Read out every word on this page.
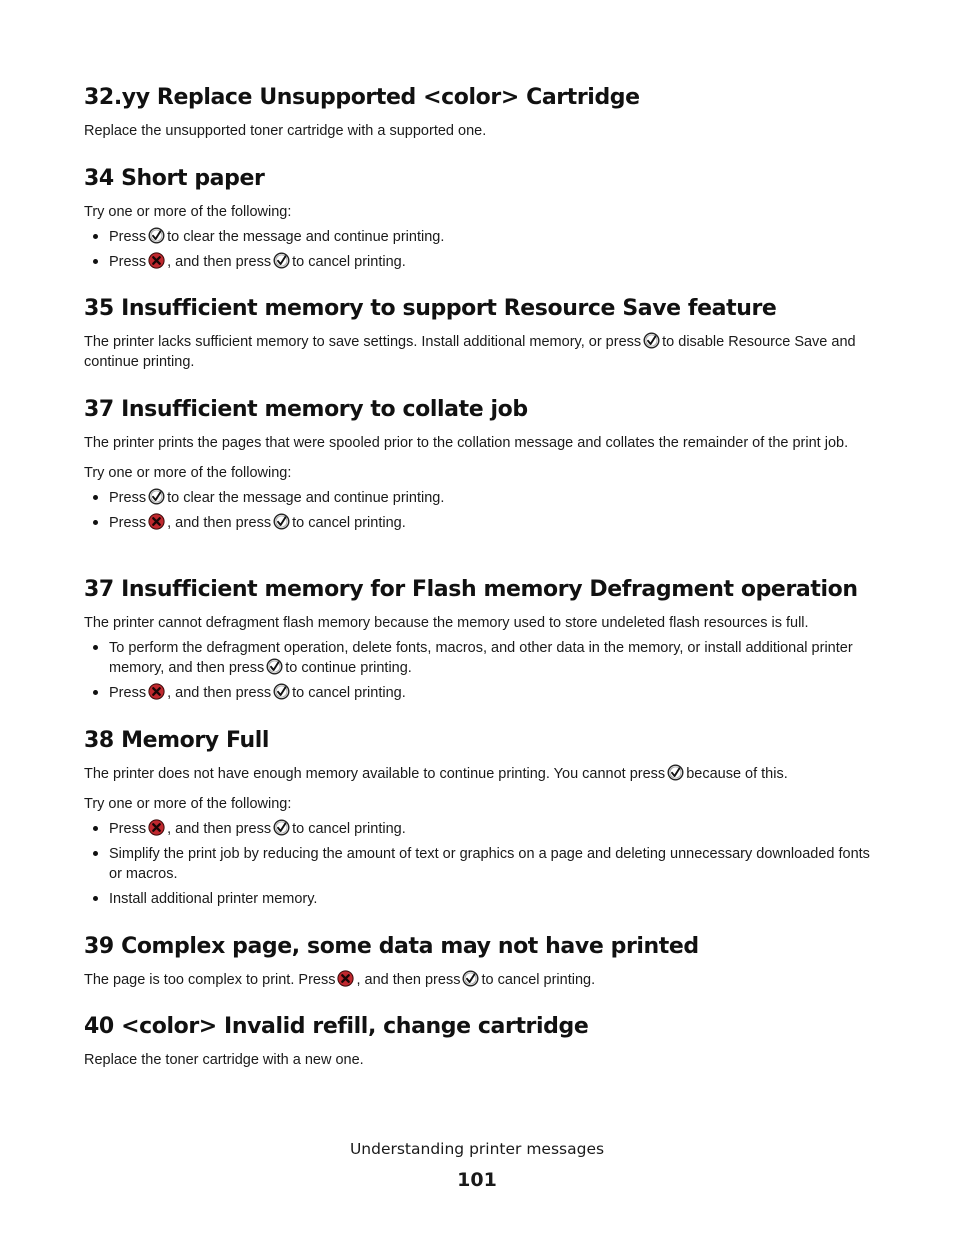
32.yy Replace Unsupported <color> Cartridge

Replace the unsupported toner cartridge with a supported one.

34 Short paper

Try one or more of the following:

Press to clear the message and continue printing.
Press , and then press to cancel printing.
35 Insufficient memory to support Resource Save feature

The printer lacks sufficient memory to save settings. Install additional memory, or press to disable Resource Save and continue printing.

37 Insufficient memory to collate job

The printer prints the pages that were spooled prior to the collation message and collates the remainder of the print job.

Try one or more of the following:

Press to clear the message and continue printing.
Press , and then press to cancel printing.
37 Insufficient memory for Flash memory Defragment operation

The printer cannot defragment flash memory because the memory used to store undeleted flash resources is full.

To perform the defragment operation, delete fonts, macros, and other data in the memory, or install additional printer memory, and then press to continue printing.
Press , and then press to cancel printing.
38 Memory Full

The printer does not have enough memory available to continue printing. You cannot press because of this.

Try one or more of the following:

Press , and then press to cancel printing.
Simplify the print job by reducing the amount of text or graphics on a page and deleting unnecessary downloaded fonts or macros.
Install additional printer memory.
39 Complex page, some data may not have printed

The page is too complex to print. Press , and then press to cancel printing.

40 <color> Invalid refill, change cartridge

Replace the toner cartridge with a new one.

Understanding printer messages
101
